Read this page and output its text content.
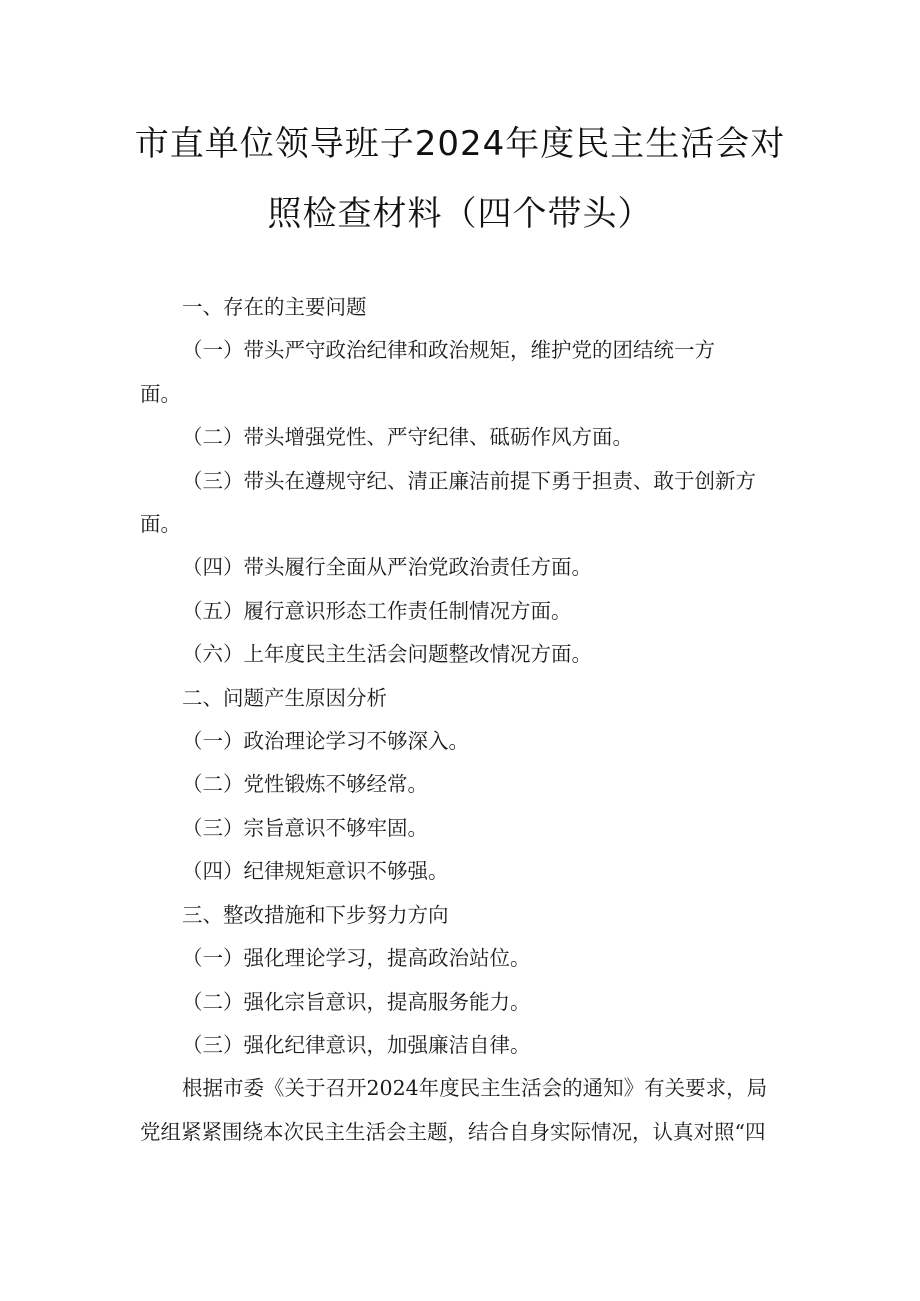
市直单位领导班子2024年度民主生活会对
照检查材料（四个带头）
一、存在的主要问题
（一）带头严守政治纪律和政治规矩，维护党的团结统一方
面。
（二）带头增强党性、严守纪律、砥砺作风方面。
（三）带头在遵规守纪、清正廉洁前提下勇于担责、敢于创新方
面。
（四）带头履行全面从严治党政治责任方面。
（五）履行意识形态工作责任制情况方面。
（六）上年度民主生活会问题整改情况方面。
二、问题产生原因分析
（一）政治理论学习不够深入。
（二）党性锻炼不够经常。
（三）宗旨意识不够牢固。
（四）纪律规矩意识不够强。
三、整改措施和下步努力方向
（一）强化理论学习，提高政治站位。
（二）强化宗旨意识，提高服务能力。
（三）强化纪律意识，加强廉洁自律。
根据市委《关于召开2024年度民主生活会的通知》有关要求，局
党组紧紧围绕本次民主生活会主题，结合自身实际情况，认真对照“四
